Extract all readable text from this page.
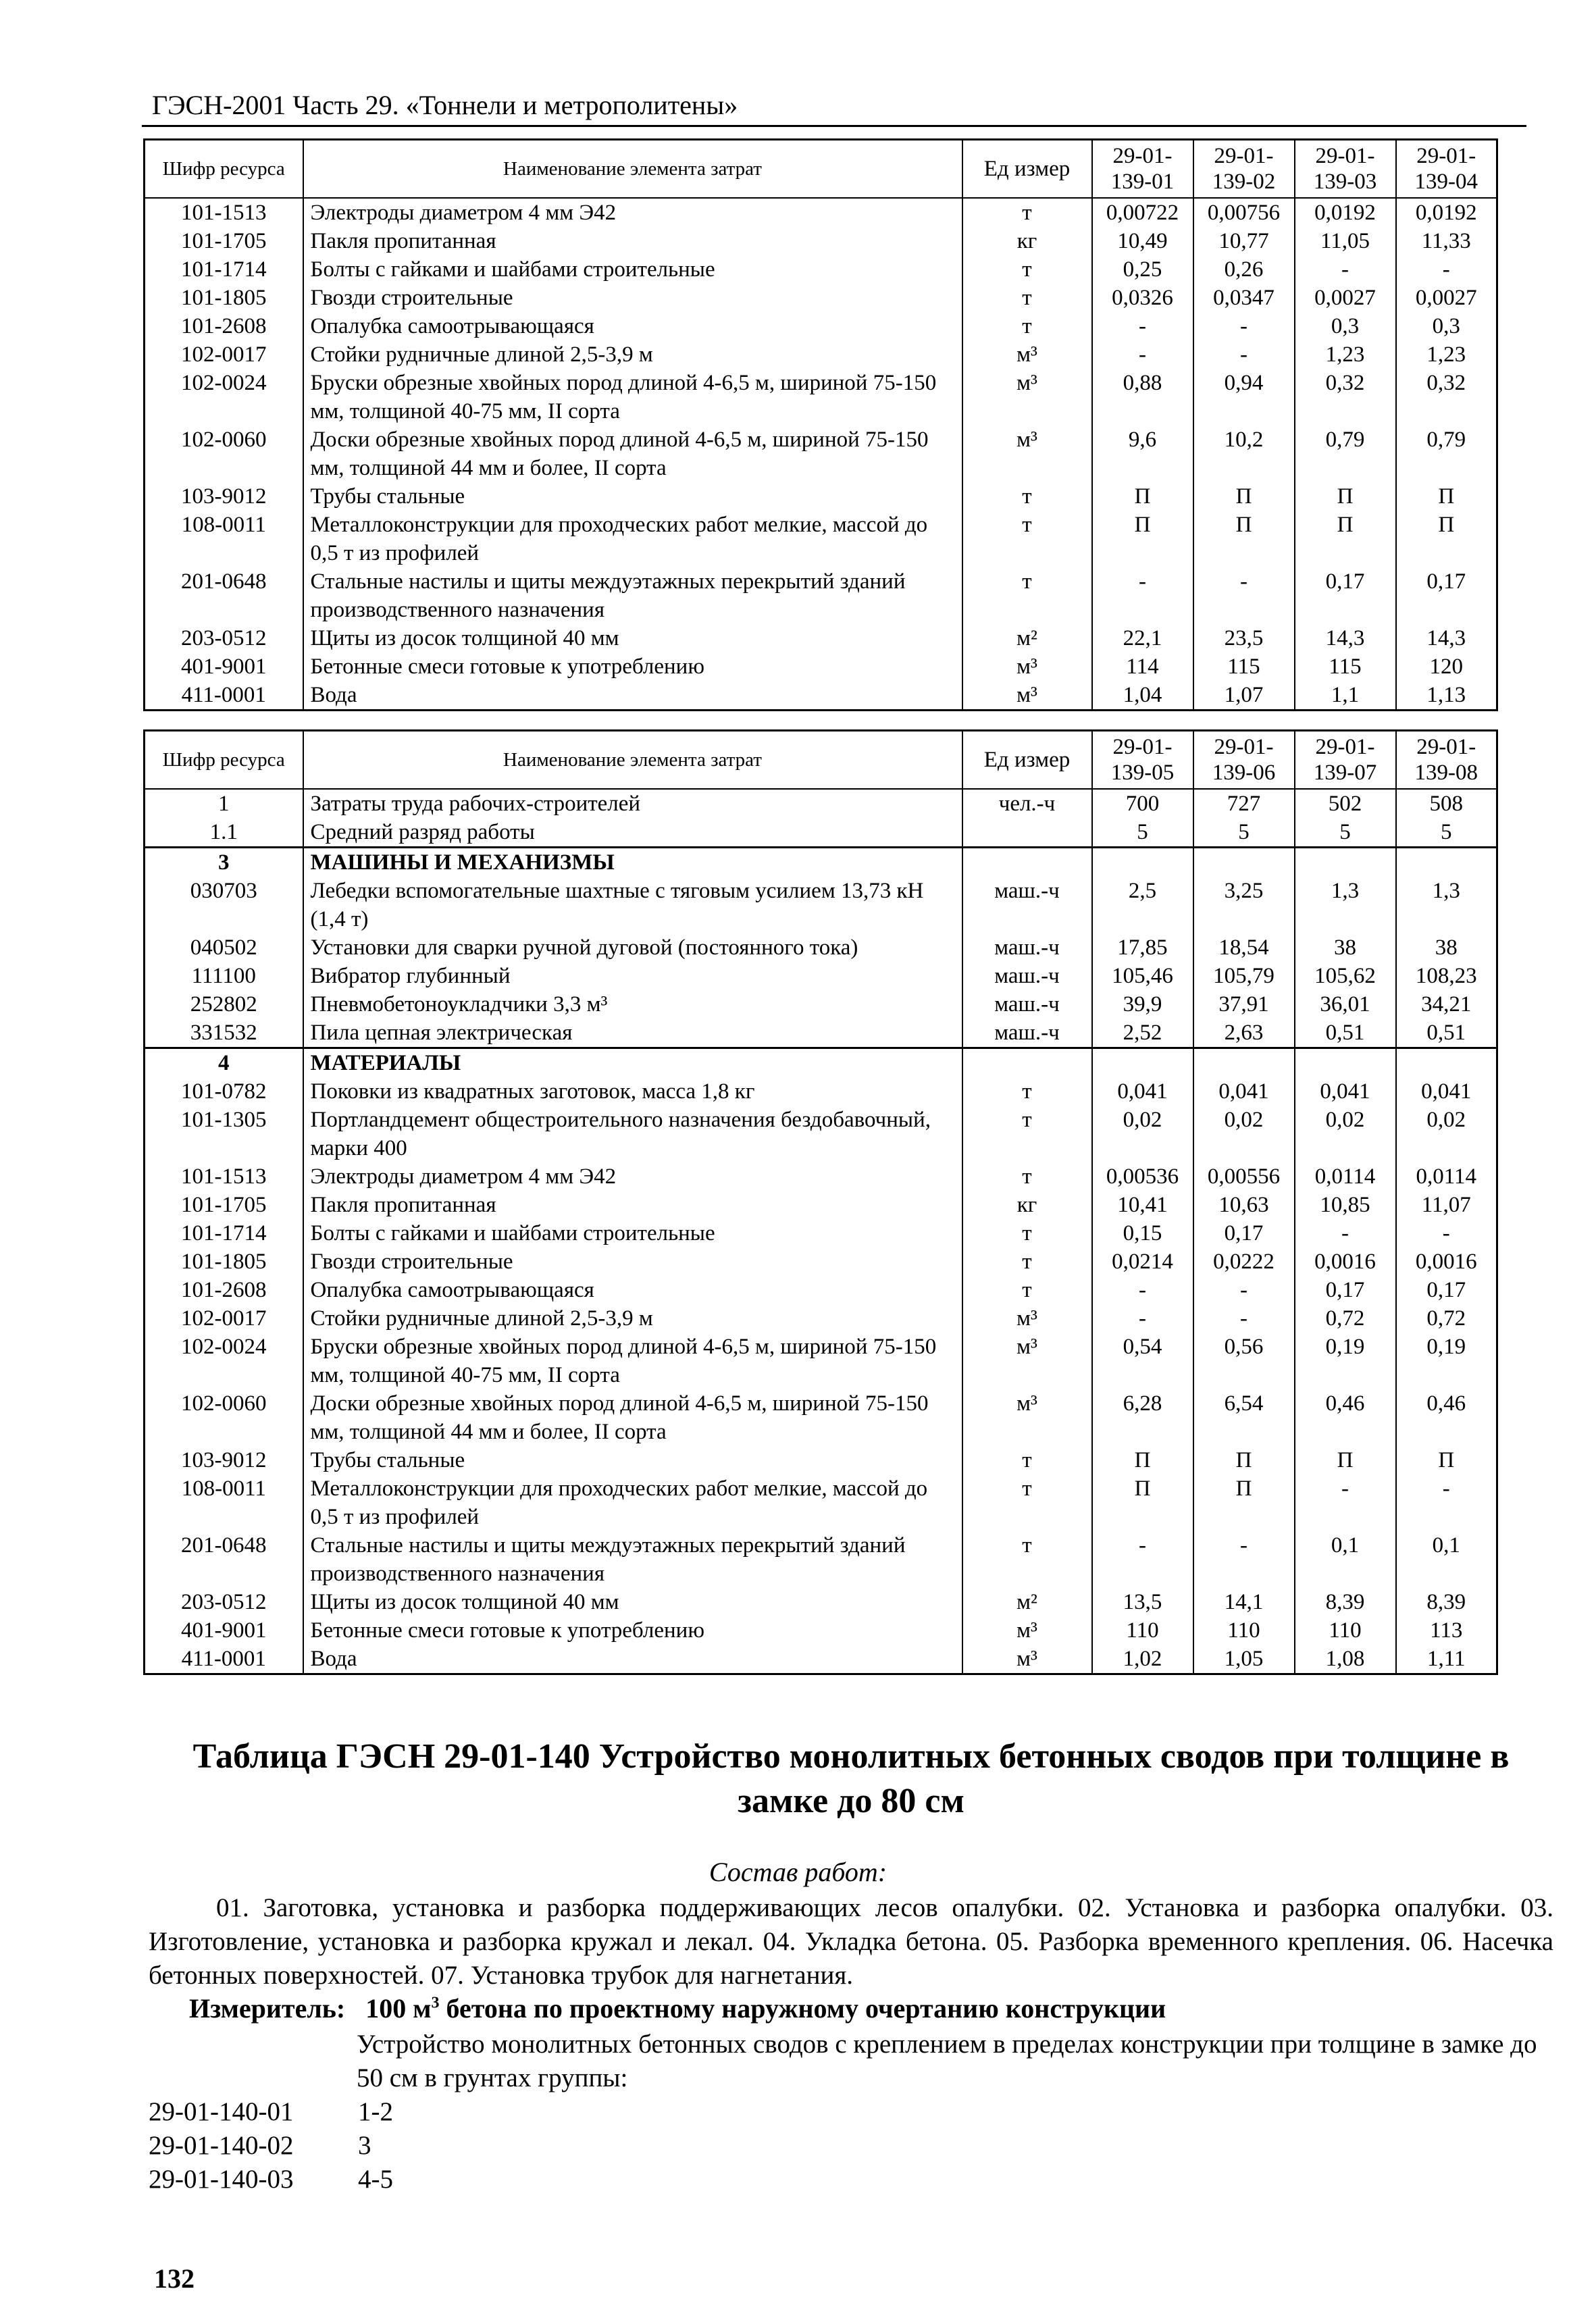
ГЭСН-2001 Часть 29. «Тоннели и метрополитены»
Шифр ресурса	Наименование элемента затрат	Ед измер	29-01-139-01	29-01-139-02	29-01-139-03	29-01-139-04
101-1513	Электроды диаметром 4 мм Э42	т	0,00722	0,00756	0,0192	0,0192
101-1705	Пакля пропитанная	кг	10,49	10,77	11,05	11,33
101-1714	Болты с гайками и шайбами строительные	т	0,25	0,26	-	-
101-1805	Гвозди строительные	т	0,0326	0,0347	0,0027	0,0027
101-2608	Опалубка самоотрывающаяся	т	-	-	0,3	0,3
102-0017	Стойки рудничные длиной 2,5-3,9 м	м³	-	-	1,23	1,23
102-0024	Бруски обрезные хвойных пород длиной 4-6,5 м, шириной 75-150 мм, толщиной 40-75 мм, II сорта	м³	0,88	0,94	0,32	0,32
102-0060	Доски обрезные хвойных пород длиной 4-6,5 м, шириной 75-150 мм, толщиной 44 мм и более, II сорта	м³	9,6	10,2	0,79	0,79
103-9012	Трубы стальные	т	П	П	П	П
108-0011	Металлоконструкции для проходческих работ мелкие, массой до 0,5 т из профилей	т	П	П	П	П
201-0648	Стальные настилы и щиты междуэтажных перекрытий зданий производственного назначения	т	-	-	0,17	0,17
203-0512	Щиты из досок толщиной 40 мм	м²	22,1	23,5	14,3	14,3
401-9001	Бетонные смеси готовые к употреблению	м³	114	115	115	120
411-0001	Вода	м³	1,04	1,07	1,1	1,13
Шифр ресурса	Наименование элемента затрат	Ед измер	29-01-139-05	29-01-139-06	29-01-139-07	29-01-139-08
1	Затраты труда рабочих-строителей	чел.-ч	700	727	502	508
1.1	Средний разряд работы		5	5	5	5
3	МАШИНЫ И МЕХАНИЗМЫ					
030703	Лебедки вспомогательные шахтные с тяговым усилием 13,73 кН (1,4 т)	маш.-ч	2,5	3,25	1,3	1,3
040502	Установки для сварки ручной дуговой (постоянного тока)	маш.-ч	17,85	18,54	38	38
111100	Вибратор глубинный	маш.-ч	105,46	105,79	105,62	108,23
252802	Пневмобетоноукладчики 3,3 м³	маш.-ч	39,9	37,91	36,01	34,21
331532	Пила цепная электрическая	маш.-ч	2,52	2,63	0,51	0,51
4	МАТЕРИАЛЫ					
101-0782	Поковки из квадратных заготовок, масса 1,8 кг	т	0,041	0,041	0,041	0,041
101-1305	Портландцемент общестроительного назначения бездобавочный, марки 400	т	0,02	0,02	0,02	0,02
101-1513	Электроды диаметром 4 мм Э42	т	0,00536	0,00556	0,0114	0,0114
101-1705	Пакля пропитанная	кг	10,41	10,63	10,85	11,07
101-1714	Болты с гайками и шайбами строительные	т	0,15	0,17	-	-
101-1805	Гвозди строительные	т	0,0214	0,0222	0,0016	0,0016
101-2608	Опалубка самоотрывающаяся	т	-	-	0,17	0,17
102-0017	Стойки рудничные длиной 2,5-3,9 м	м³	-	-	0,72	0,72
102-0024	Бруски обрезные хвойных пород длиной 4-6,5 м, шириной 75-150 мм, толщиной 40-75 мм, II сорта	м³	0,54	0,56	0,19	0,19
102-0060	Доски обрезные хвойных пород длиной 4-6,5 м, шириной 75-150 мм, толщиной 44 мм и более, II сорта	м³	6,28	6,54	0,46	0,46
103-9012	Трубы стальные	т	П	П	П	П
108-0011	Металлоконструкции для проходческих работ мелкие, массой до 0,5 т из профилей	т	П	П	-	-
201-0648	Стальные настилы и щиты междуэтажных перекрытий зданий производственного назначения	т	-	-	0,1	0,1
203-0512	Щиты из досок толщиной 40 мм	м²	13,5	14,1	8,39	8,39
401-9001	Бетонные смеси готовые к употреблению	м³	110	110	110	113
411-0001	Вода	м³	1,02	1,05	1,08	1,11
Таблица ГЭСН 29-01-140 Устройство монолитных бетонных сводов при толщине в замке до 80 см
Состав работ:
01. Заготовка, установка и разборка поддерживающих лесов опалубки. 02. Установка и разборка опалубки. 03. Изготовление, установка и разборка кружал и лекал. 04. Укладка бетона. 05. Разборка временного крепления. 06. Насечка бетонных поверхностей. 07. Установка трубок для нагнетания.
Измеритель:   100 $м^3$ бетона по проектному наружному очертанию конструкции
Устройство монолитных бетонных сводов с креплением в пределах конструкции при толщине в замке до 50 см в грунтах группы:
29-01-140-01 1-2
29-01-140-02 3
29-01-140-03 4-5
132
